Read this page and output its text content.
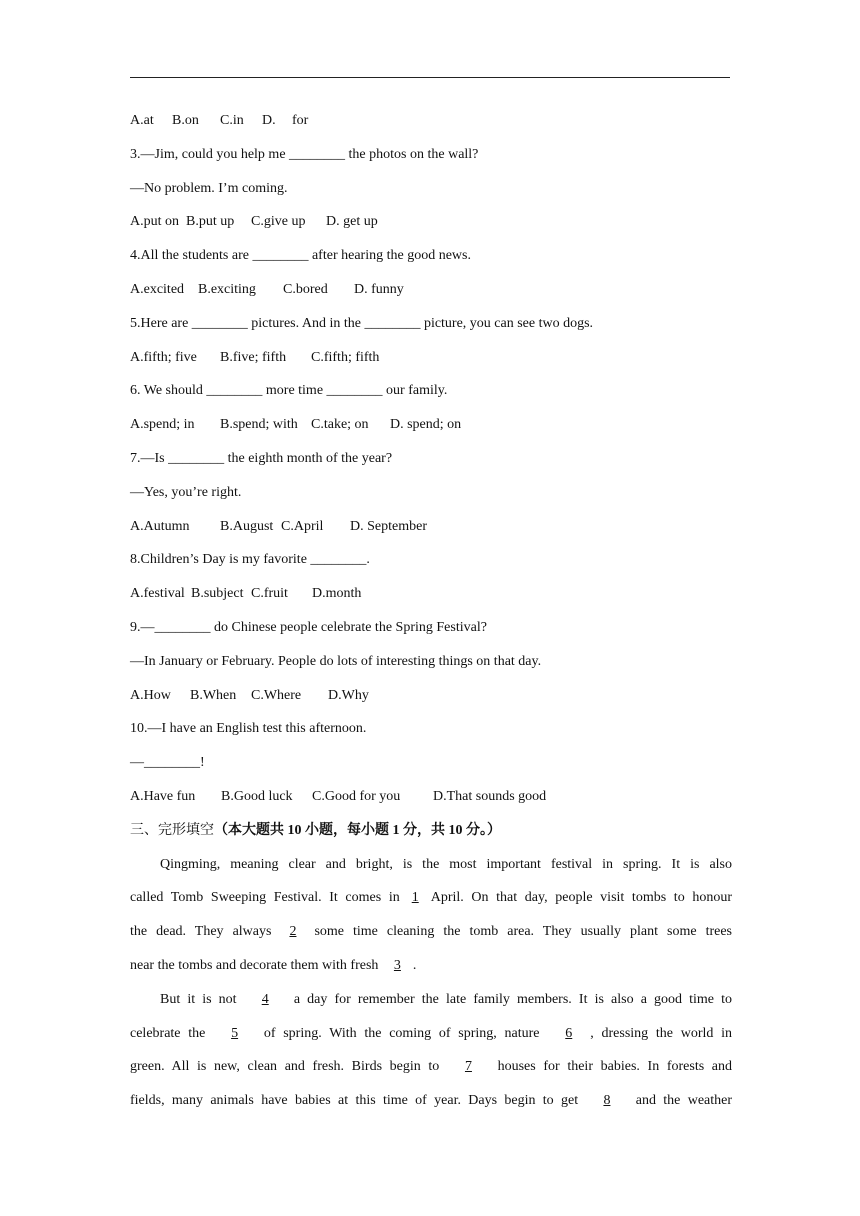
A.at B.on C.in D. for
3.—Jim, could you help me ________ the photos on the wall?
—No problem. I’m coming.
A.put on B.put up C.give up D. get up
4.All the students are ________ after hearing the good news.
A.excited B.exciting C.bored D. funny
5.Here are ________ pictures. And in the ________ picture, you can see two dogs.
A.fifth; five B.five; fifth C.fifth; fifth
6. We should ________ more time ________ our family.
A.spend; in B.spend; with C.take; on D. spend; on
7.—Is ________ the eighth month of the year?
—Yes, you’re right.
A.Autumn B.August C.April D. September
8.Children’s Day is my favorite ________.
A.festival B.subject C.fruit D.month
9.—________ do Chinese people celebrate the Spring Festival?
—In January or February. People do lots of interesting things on that day.
A.How B.When C.Where D.Why
10.—I have an English test this afternoon.
—________!
A.Have fun B.Good luck C.Good for you D.That sounds good
三、完形填空（本大题共 10 小题，每小题 1 分，共 10 分。）
Qingming, meaning clear and bright, is the most important festival in spring. It is also
called Tomb Sweeping Festival. It comes in 1 April. On that day, people visit tombs to honour
the dead. They always 2 some time cleaning the tomb area. They usually plant some trees
near the tombs and decorate them with fresh 3 .
But it is not 4 a day for remember the late family members. It is also a good time to
celebrate the 5 of spring. With the coming of spring, nature 6 , dressing the world in
green. All is new, clean and fresh. Birds begin to 7 houses for their babies. In forests and
fields, many animals have babies at this time of year. Days begin to get 8 and the weather
